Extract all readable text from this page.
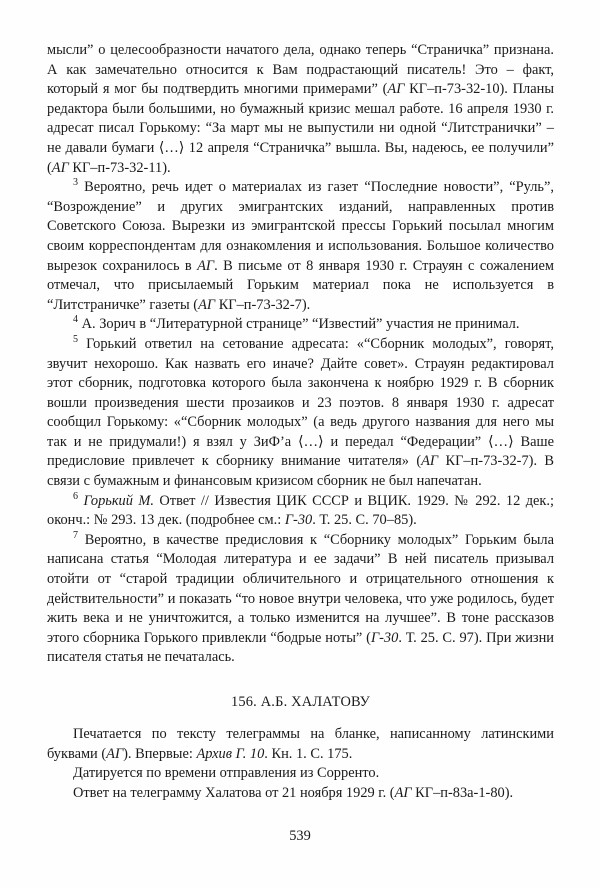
мысли” о целесообразности начатого дела, однако теперь “Страничка” признана. А как замечательно относится к Вам подрастающий писатель! Это – факт, который я мог бы подтвердить многими примерами” (АГ КГ–п-73-32-10). Планы редактора были большими, но бумажный кризис мешал работе. 16 апреля 1930 г. адресат писал Горькому: “За март мы не выпустили ни одной “Литстранички” – не давали бумаги ⟨…⟩ 12 апреля “Страничка” вышла. Вы, надеюсь, ее получили” (АГ КГ–п-73-32-11).

$^3$ Вероятно, речь идет о материалах из газет “Последние новости”, “Руль”, “Возрождение” и других эмигрантских изданий, направленных против Советского Союза. Вырезки из эмигрантской прессы Горький посылал многим своим корреспондентам для ознакомления и использования. Большое количество вырезок сохранилось в АГ. В письме от 8 января 1930 г. Страуян с сожалением отмечал, что присылаемый Горьким материал пока не используется в “Литстраничке” газеты (АГ КГ–п-73-32-7).

$^4$ А. Зорич в “Литературной странице” “Известий” участия не принимал.

$^5$ Горький ответил на сетование адресата: «“Сборник молодых”, говорят, звучит нехорошо. Как назвать его иначе? Дайте совет». Страуян редактировал этот сборник, подготовка которого была закончена к ноябрю 1929 г. В сборник вошли произведения шести прозаиков и 23 поэтов. 8 января 1930 г. адресат сообщил Горькому: «“Сборник молодых” (а ведь другого названия для него мы так и не придумали!) я взял у ЗиФ’а ⟨…⟩ и передал “Федерации” ⟨…⟩ Ваше предисловие привлечет к сборнику внимание читателя» (АГ КГ–п-73-32-7). В связи с бумажным и финансовым кризисом сборник не был напечатан.

$^6$ Горький М. Ответ // Известия ЦИК СССР и ВЦИК. 1929. № 292. 12 дек.; оконч.: № 293. 13 дек. (подробнее см.: Г-30. Т. 25. С. 70–85).

$^7$ Вероятно, в качестве предисловия к “Сборнику молодых” Горьким была написана статья “Молодая литература и ее задачи” В ней писатель призывал отойти от “старой традиции обличительного и отрицательного отношения к действительности” и показать “то новое внутри человека, что уже родилось, будет жить века и не уничтожится, а только изменится на лучшее”. В тоне рассказов этого сборника Горького привлекли “бодрые ноты” (Г-30. Т. 25. С. 97). При жизни писателя статья не печаталась.

156. А.Б. ХАЛАТОВУ

Печатается по тексту телеграммы на бланке, написанному латинскими буквами (АГ). Впервые: Архив Г. 10. Кн. 1. С. 175.

Датируется по времени отправления из Сорренто.

Ответ на телеграмму Халатова от 21 ноября 1929 г. (АГ КГ–п-83а-1-80).

539
